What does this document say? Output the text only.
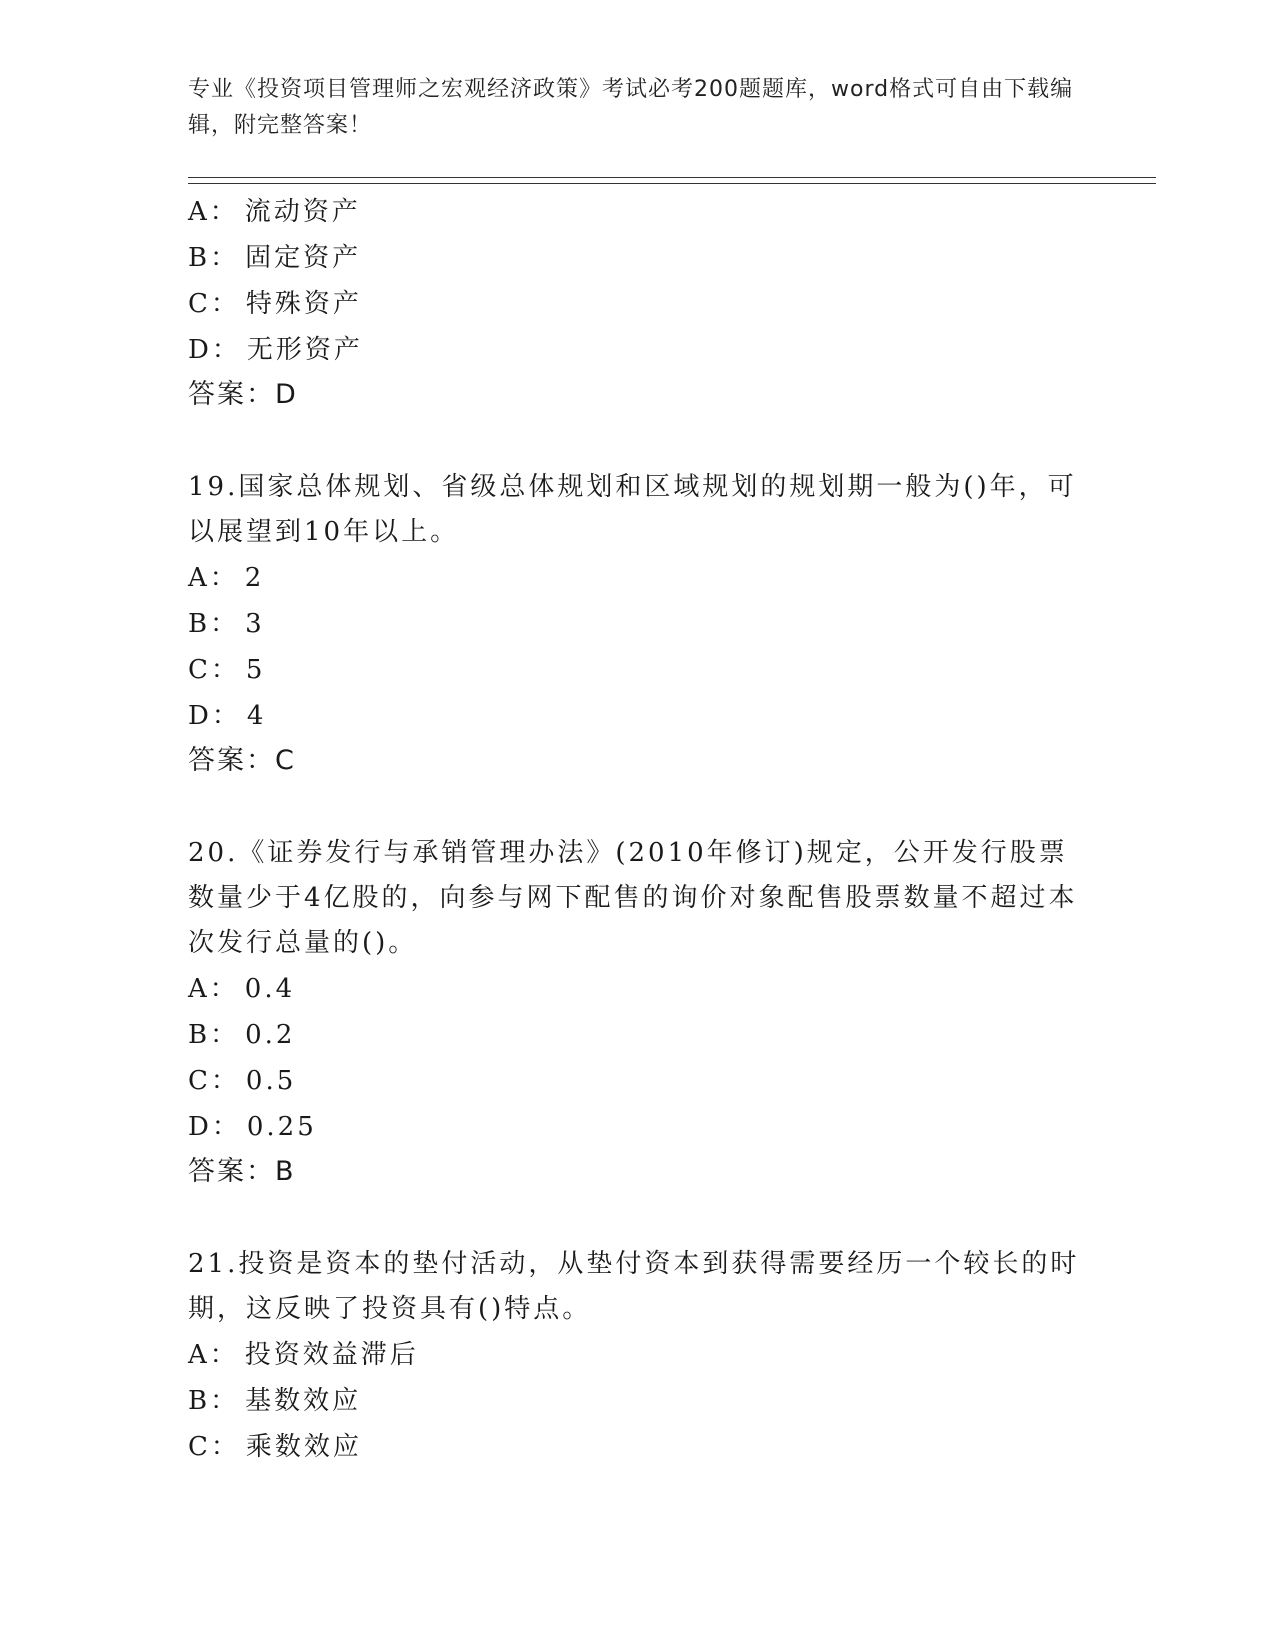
专业《投资项目管理师之宏观经济政策》考试必考200题题库，word格式可自由下载编辑，附完整答案！
A： 流动资产
B： 固定资产
C： 特殊资产
D： 无形资产
答案：D

19.国家总体规划、省级总体规划和区域规划的规划期一般为()年，可以展望到10年以上。

A： 2
B： 3
C： 5
D： 4
答案：C

20.《证券发行与承销管理办法》(2010年修订)规定，公开发行股票数量少于4亿股的，向参与网下配售的询价对象配售股票数量不超过本次发行总量的()。

A： 0.4
B： 0.2
C： 0.5
D： 0.25
答案：B

21.投资是资本的垫付活动，从垫付资本到获得需要经历一个较长的时期，这反映了投资具有()特点。

A： 投资效益滞后
B： 基数效应
C： 乘数效应
